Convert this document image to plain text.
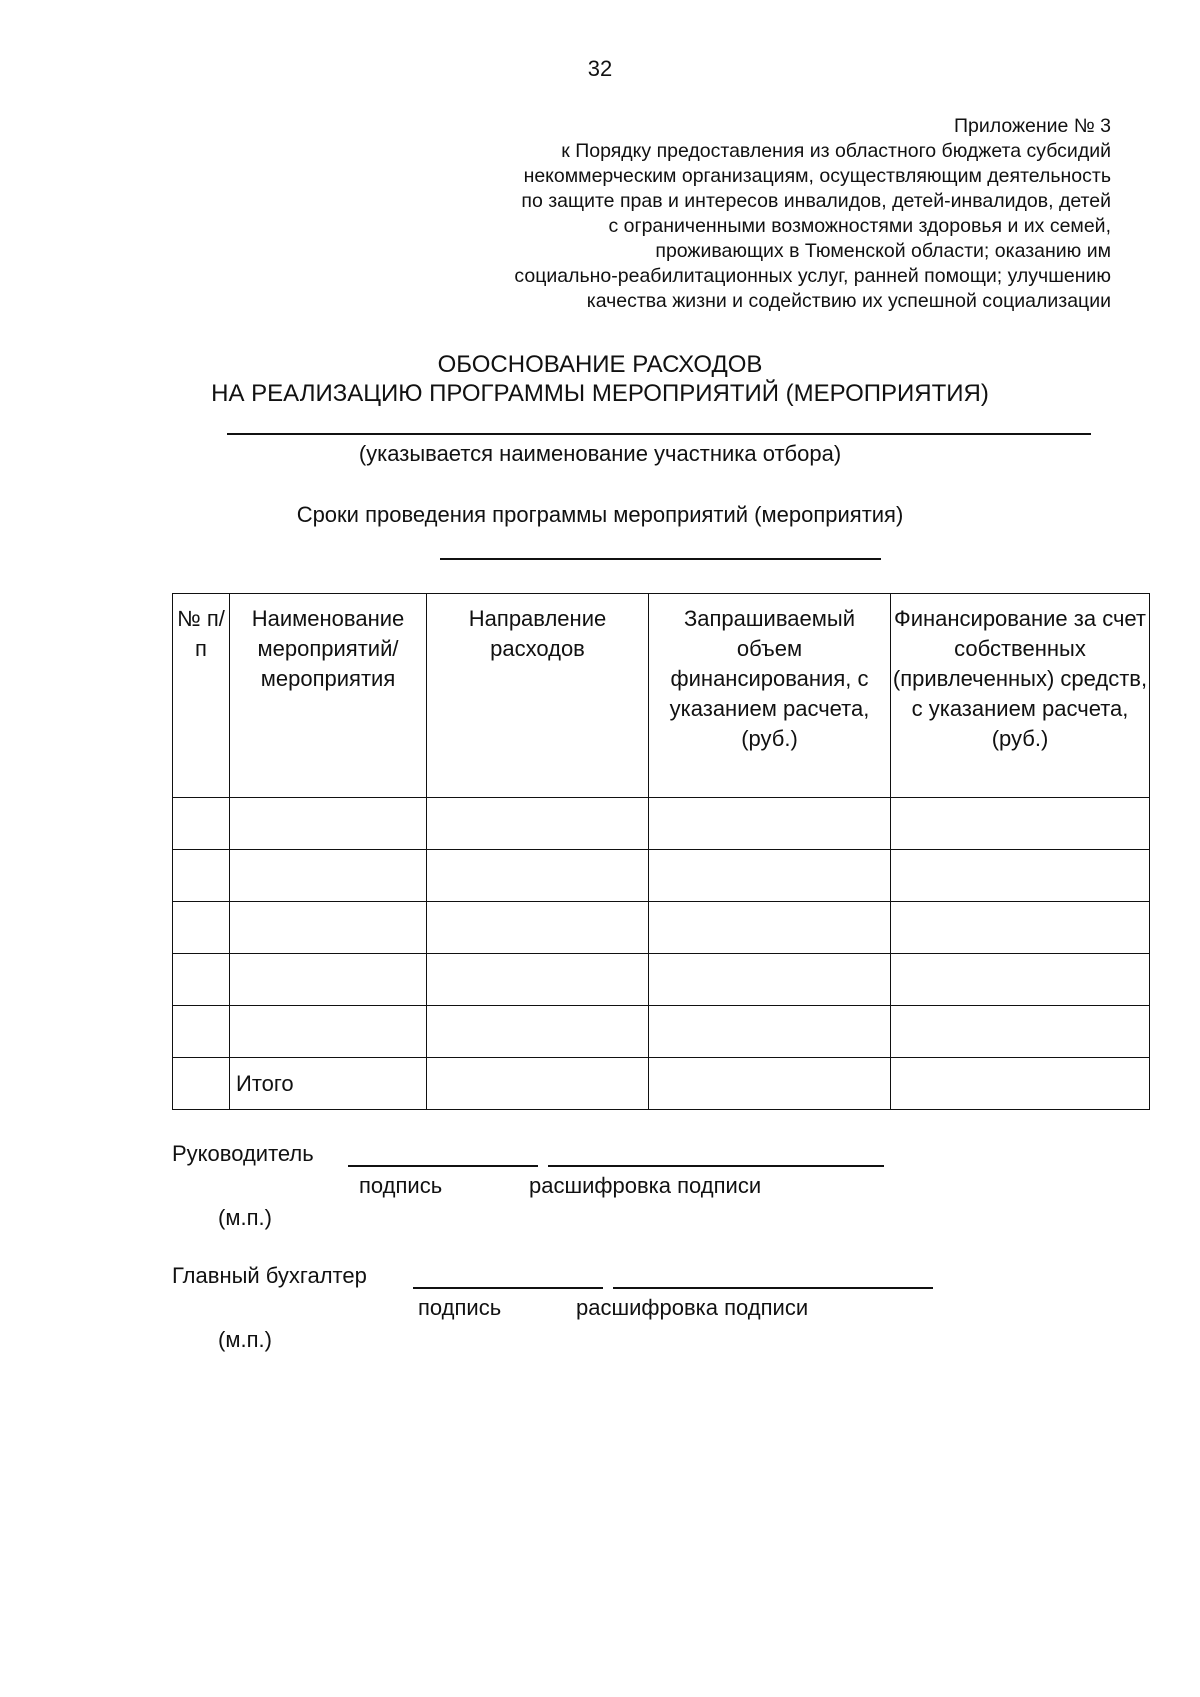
32
Приложение № 3
к Порядку предоставления из областного бюджета субсидий
некоммерческим организациям, осуществляющим деятельность
по защите прав и интересов инвалидов, детей-инвалидов, детей
с ограниченными возможностями здоровья и их семей,
проживающих в Тюменской области; оказанию им
социально-реабилитационных услуг, ранней помощи; улучшению
качества жизни и содействию их успешной социализации
ОБОСНОВАНИЕ РАСХОДОВ
НА РЕАЛИЗАЦИЮ ПРОГРАММЫ МЕРОПРИЯТИЙ (МЕРОПРИЯТИЯ)
(указывается наименование участника отбора)
Сроки проведения программы мероприятий (мероприятия)
№ п/п	Наименование мероприятий/ мероприятия	Направление расходов	Запрашиваемый объем финансирования, с указанием расчета, (руб.)	Финансирование за счет собственных (привлеченных) средств, с указанием расчета, (руб.)

	Итого			
Руководитель
подпись	расшифровка подписи
(м.п.)
Главный бухгалтер
подпись	расшифровка подписи
(м.п.)
